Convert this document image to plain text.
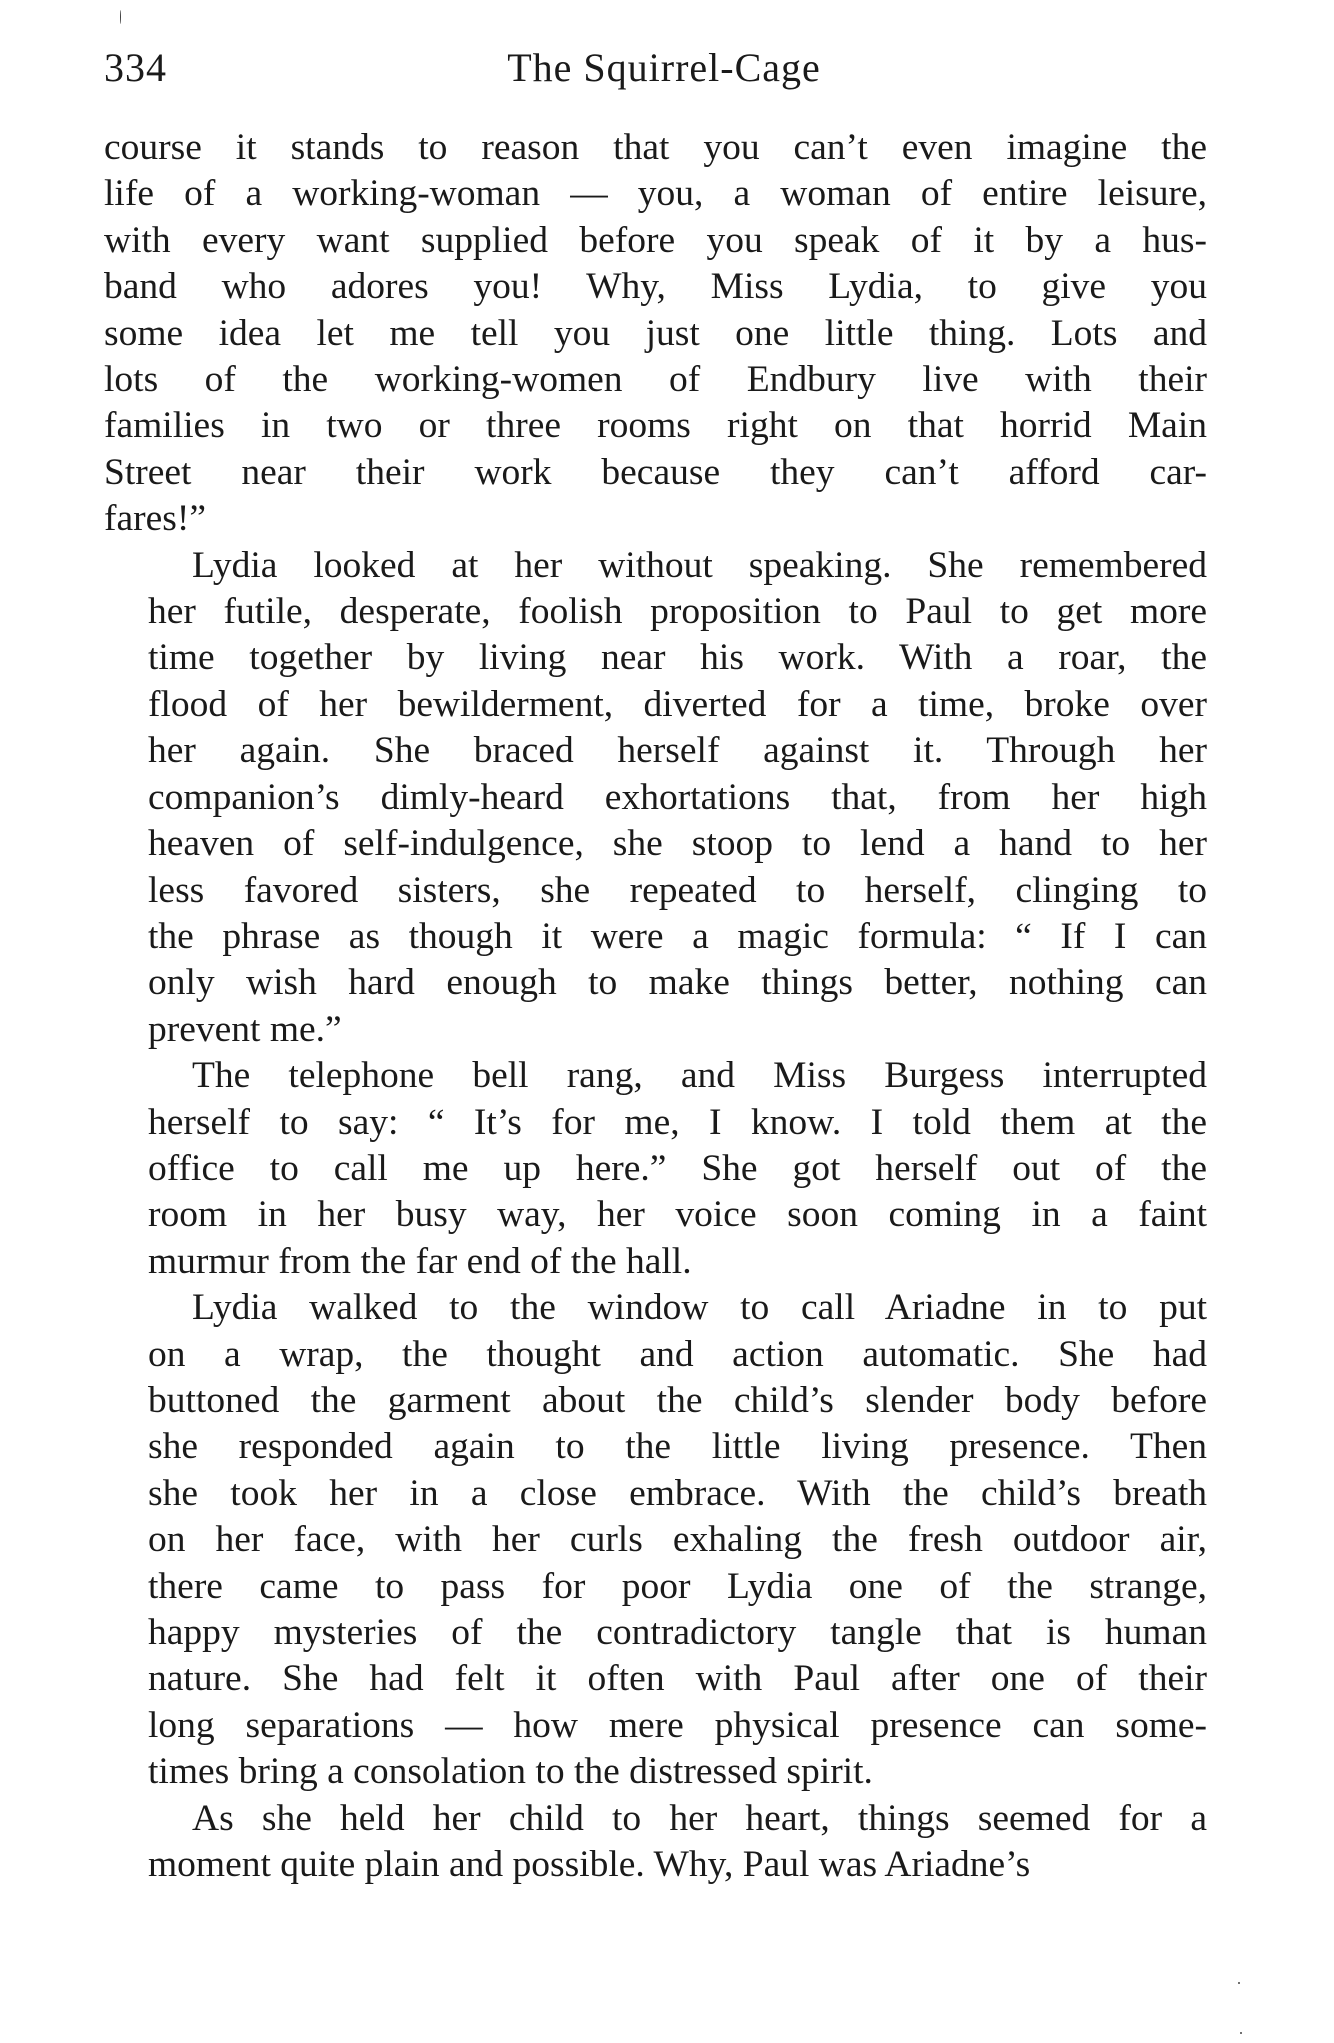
334	The Squirrel-Cage
course it stands to reason that you can’t even imagine the
life of a working-woman — you, a woman of entire leisure,
with every want supplied before you speak of it by a hus-
band who adores you! Why, Miss Lydia, to give you
some idea let me tell you just one little thing. Lots and
lots of the working-women of Endbury live with their
families in two or three rooms right on that horrid Main
Street near their work because they can’t afford car-
fares!”
Lydia looked at her without speaking. She remembered
her futile, desperate, foolish proposition to Paul to get more
time together by living near his work. With a roar, the
flood of her bewilderment, diverted for a time, broke over
her again. She braced herself against it. Through her
companion’s dimly-heard exhortations that, from her high
heaven of self-indulgence, she stoop to lend a hand to her
less favored sisters, she repeated to herself, clinging to
the phrase as though it were a magic formula: “ If I can
only wish hard enough to make things better, nothing can
prevent me.”
The telephone bell rang, and Miss Burgess interrupted
herself to say: “ It’s for me, I know. I told them at the
office to call me up here.” She got herself out of the
room in her busy way, her voice soon coming in a faint
murmur from the far end of the hall.
Lydia walked to the window to call Ariadne in to put
on a wrap, the thought and action automatic. She had
buttoned the garment about the child’s slender body before
she responded again to the little living presence. Then
she took her in a close embrace. With the child’s breath
on her face, with her curls exhaling the fresh outdoor air,
there came to pass for poor Lydia one of the strange,
happy mysteries of the contradictory tangle that is human
nature. She had felt it often with Paul after one of their
long separations — how mere physical presence can some-
times bring a consolation to the distressed spirit.
As she held her child to her heart, things seemed for a
moment quite plain and possible. Why, Paul was Ariadne’s
